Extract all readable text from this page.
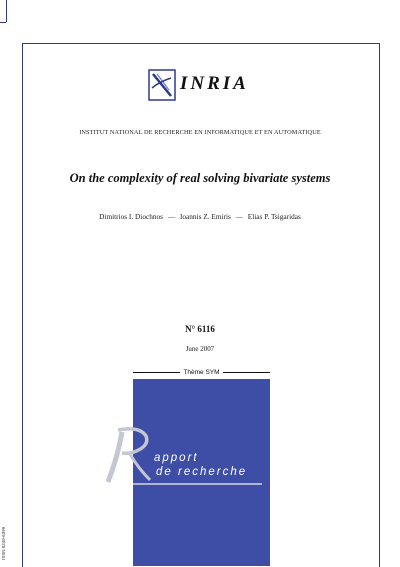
INRIA
INSTITUT NATIONAL DE RECHERCHE EN INFORMATIQUE ET EN AUTOMATIQUE
On the complexity of real solving bivariate systems
Dimitrios I. Diochnos — Ioannis Z. Emiris — Elias P. Tsigaridas
N° 6116
June 2007
Thème SYM
apport
de recherche
ISSN 0249-6399
